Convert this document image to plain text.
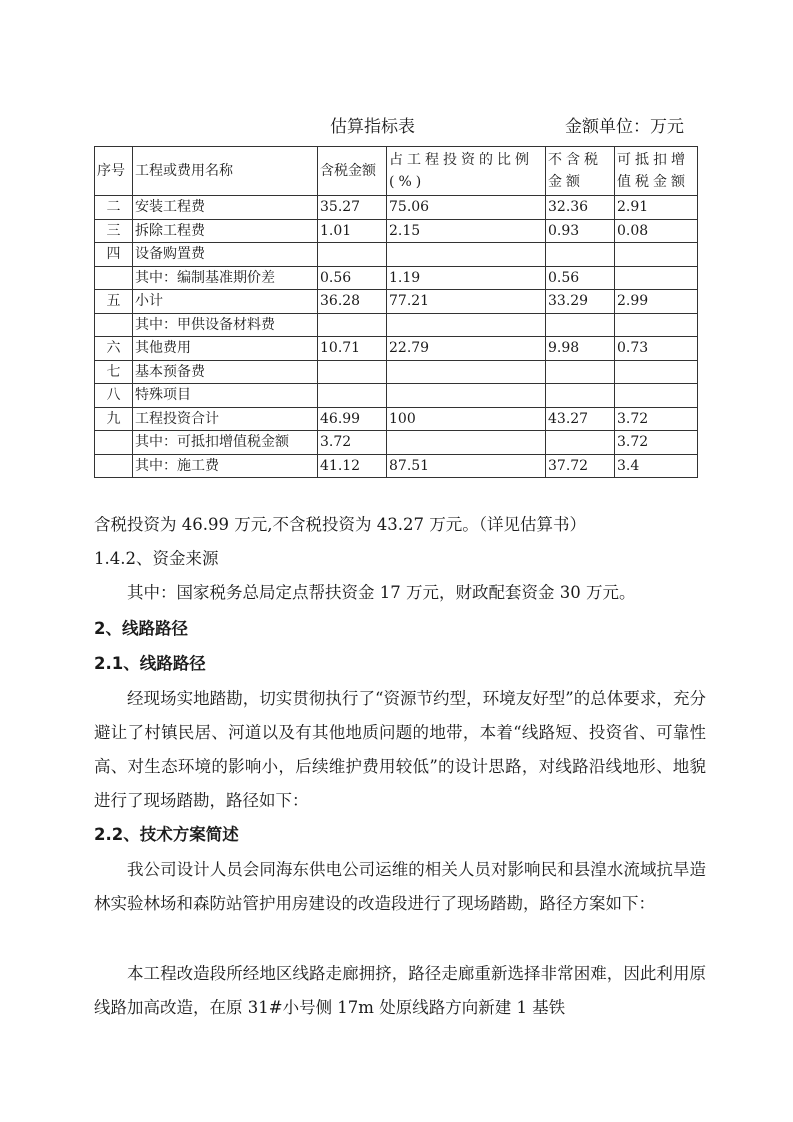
估算指标表	金额单位：万元
序号	工程或费用名称	含税金额	占工程投资的比例(%)	不含税金额	可抵扣增值税金额
二	安装工程费	35.27	75.06	32.36	2.91
三	拆除工程费	1.01	2.15	0.93	0.08
四	设备购置费				
	其中：编制基准期价差	0.56	1.19	0.56	
五	小计	36.28	77.21	33.29	2.99
	其中：甲供设备材料费				
六	其他费用	10.71	22.79	9.98	0.73
七	基本预备费				
八	特殊项目				
九	工程投资合计	46.99	100	43.27	3.72
	其中：可抵扣增值税金额	3.72			3.72
	其中：施工费	41.12	87.51	37.72	3.4
含税投资为 46.99 万元,不含税投资为 43.27 万元。（详见估算书）
1.4.2、资金来源
其中：国家税务总局定点帮扶资金 17 万元，财政配套资金 30 万元。
2、线路路径
2.1、线路路径
经现场实地踏勘，切实贯彻执行了“资源节约型，环境友好型”的总体要求，充分避让了村镇民居、河道以及有其他地质问题的地带，本着“线路短、投资省、可靠性高、对生态环境的影响小，后续维护费用较低”的设计思路，对线路沿线地形、地貌进行了现场踏勘，路径如下：
2.2、技术方案简述
我公司设计人员会同海东供电公司运维的相关人员对影响民和县湟水流域抗旱造林实验林场和森防站管护用房建设的改造段进行了现场踏勘，路径方案如下：
本工程改造段所经地区线路走廊拥挤，路径走廊重新选择非常困难，因此利用原线路加高改造，在原 31#小号侧 17m 处原线路方向新建 1 基铁
